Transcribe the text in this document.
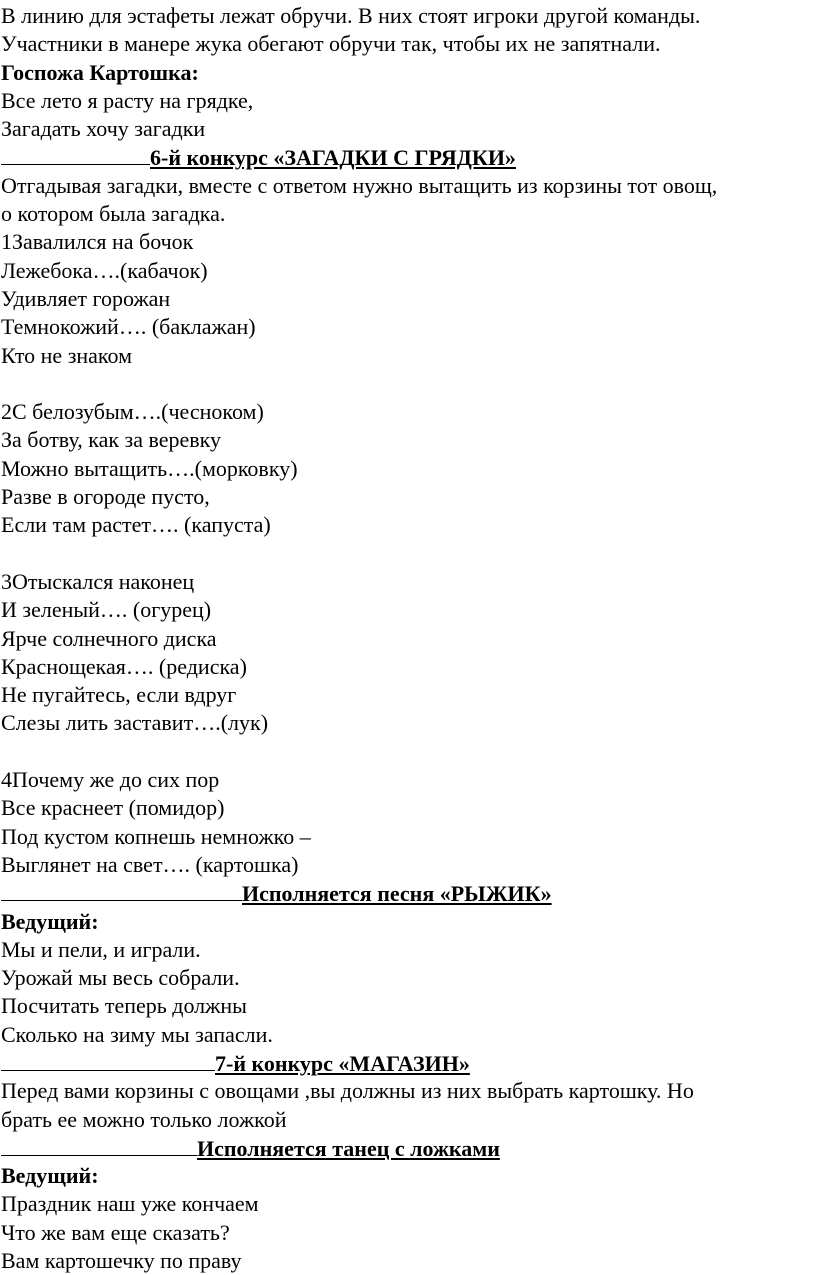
В линию для эстафеты лежат обручи. В них стоят игроки другой команды.
Участники в манере жука обегают обручи так, чтобы их не запятнали.
Госпожа Картошка:
Все лето я расту на грядке,
Загадать хочу загадки
6-й конкурс «ЗАГАДКИ С ГРЯДКИ»
Отгадывая загадки, вместе с ответом нужно вытащить из корзины тот овощ,
о котором была загадка.
1Завалился на бочок
Лежебока….(кабачок)
Удивляет горожан
Темнокожий…. (баклажан)
Кто не знаком
2С белозубым….(чесноком)
За ботву, как за веревку
Можно вытащить….(морковку)
Разве в огороде пусто,
Если там растет…. (капуста)
3Отыскался наконец
И зеленый…. (огурец)
Ярче солнечного диска
Краснощекая…. (редиска)
Не пугайтесь, если вдруг
Слезы лить заставит….(лук)
4Почему же до сих пор
Все краснеет (помидор)
Под кустом копнешь немножко –
Выглянет на свет…. (картошка)
Исполняется песня «РЫЖИК»
Ведущий:
Мы и пели, и играли.
Урожай мы весь собрали.
Посчитать теперь должны
Сколько на зиму мы запасли.
7-й конкурс «МАГАЗИН»
Перед вами корзины с овощами ,вы должны из них выбрать картошку. Но
брать ее можно только ложкой
Исполняется танец с ложками
Ведущий:
Праздник наш уже кончаем
Что же вам еще сказать?
Вам картошечку по праву
